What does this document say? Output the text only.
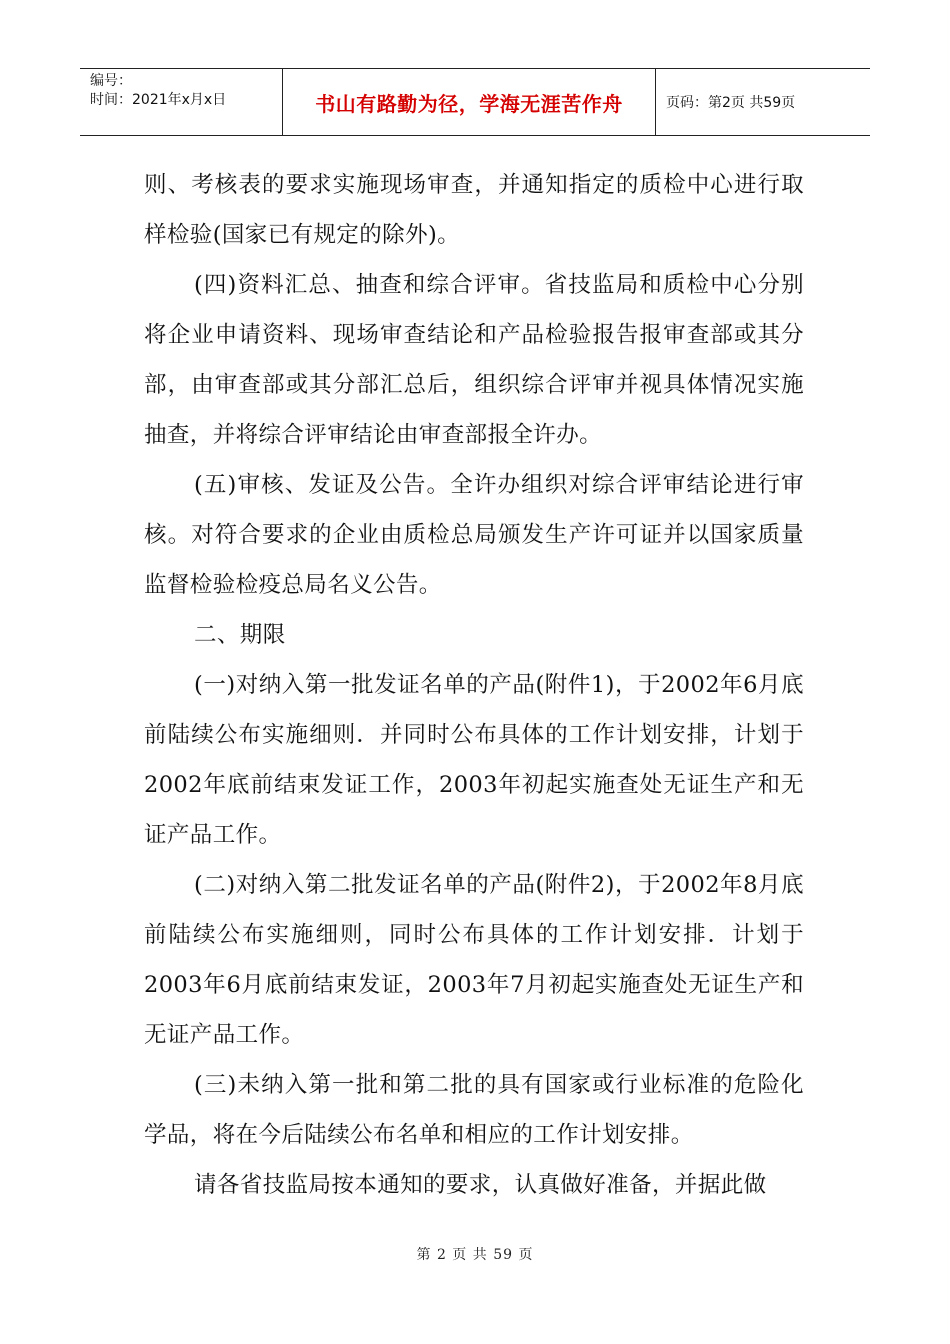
编号：
时间：2021年x月x日	书山有路勤为径，学海无涯苦作舟	页码：第2页 共59页

则、考核表的要求实施现场审查，并通知指定的质检中心进行取样检验(国家已有规定的除外)。

(四)资料汇总、抽查和综合评审。省技监局和质检中心分别将企业申请资料、现场审查结论和产品检验报告报审查部或其分部，由审查部或其分部汇总后，组织综合评审并视具体情况实施抽查，并将综合评审结论由审查部报全许办。

(五)审核、发证及公告。全许办组织对综合评审结论进行审核。对符合要求的企业由质检总局颁发生产许可证并以国家质量监督检验检疫总局名义公告。

二、期限

(一)对纳入第一批发证名单的产品(附件1)，于2002年6月底前陆续公布实施细则．并同时公布具体的工作计划安排，计划于2002年底前结束发证工作，2003年初起实施查处无证生产和无证产品工作。

(二)对纳入第二批发证名单的产品(附件2)，于2002年8月底前陆续公布实施细则，同时公布具体的工作计划安排．计划于2003年6月底前结束发证，2003年7月初起实施查处无证生产和无证产品工作。

(三)未纳入第一批和第二批的具有国家或行业标准的危险化学品，将在今后陆续公布名单和相应的工作计划安排。

请各省技监局按本通知的要求，认真做好准备，并据此做

第 2 页 共 59 页
